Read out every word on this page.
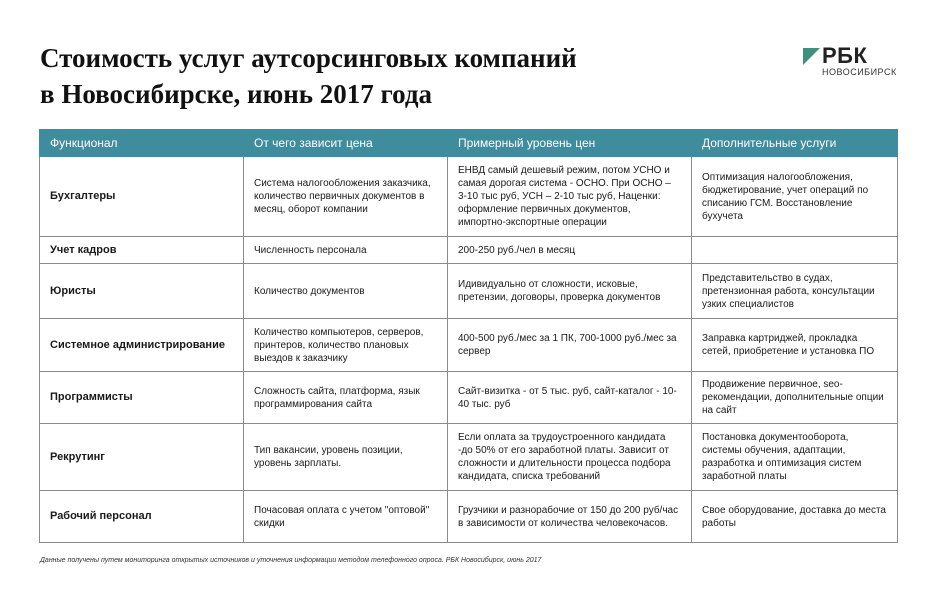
Стоимость услуг аутсорсинговых компаний
в Новосибирске, июнь 2017 года
РБК
НОВОСИБИРСК
Функционал	От чего зависит цена	Примерный уровень цен	Дополнительные услуги
Бухгалтеры	Система налогообложения заказчика, количество первичных документов в месяц, оборот компании	ЕНВД самый дешевый режим, потом УСНО и самая дорогая система - ОСНО. При ОСНО – 3-10 тыс руб, УСН – 2-10 тыс руб, Наценки: оформление первичных документов, импортно-экспортные операции	Оптимизация налогообложения, бюджетирование, учет операций по списанию ГСМ. Восстановление бухучета
Учет кадров	Численность персонала	200-250 руб./чел в месяц	
Юристы	Количество документов	Идивидуально от сложности, исковые, претензии, договоры, проверка документов	Представительство в судах, претензионная работа, консультации узких специалистов
Системное администрирование	Количество компьютеров, серверов, принтеров, количество плановых выездов к заказчику	400-500 руб./мес за 1 ПК, 700-1000 руб./мес за сервер	Заправка картриджей, прокладка сетей, приобретение и установка ПО
Программисты	Сложность сайта, платформа, язык программирования сайта	Сайт-визитка - от 5 тыс. руб, сайт-каталог - 10-40 тыс. руб	Продвижение первичное, seo-рекомендации, дополнительные опции на сайт
Рекрутинг	Тип вакансии, уровень позиции, уровень зарплаты.	Если оплата за трудоустроенного кандидата -до 50% от его заработной платы. Зависит от сложности и длительности процесса подбора кандидата, списка требований	Постановка документооборота, системы обучения, адаптации, разработка и оптимизация систем заработной платы
Рабочий персонал	Почасовая оплата с учетом "оптовой" скидки	Грузчики и разнорабочие от 150 до 200 руб/час в зависимости от количества человекочасов.	Свое оборудование, доставка до места работы
Данные получены путем мониторинга открытых источников и уточнения информации методом телефонного опроса. РБК Новосибирск, июнь 2017
